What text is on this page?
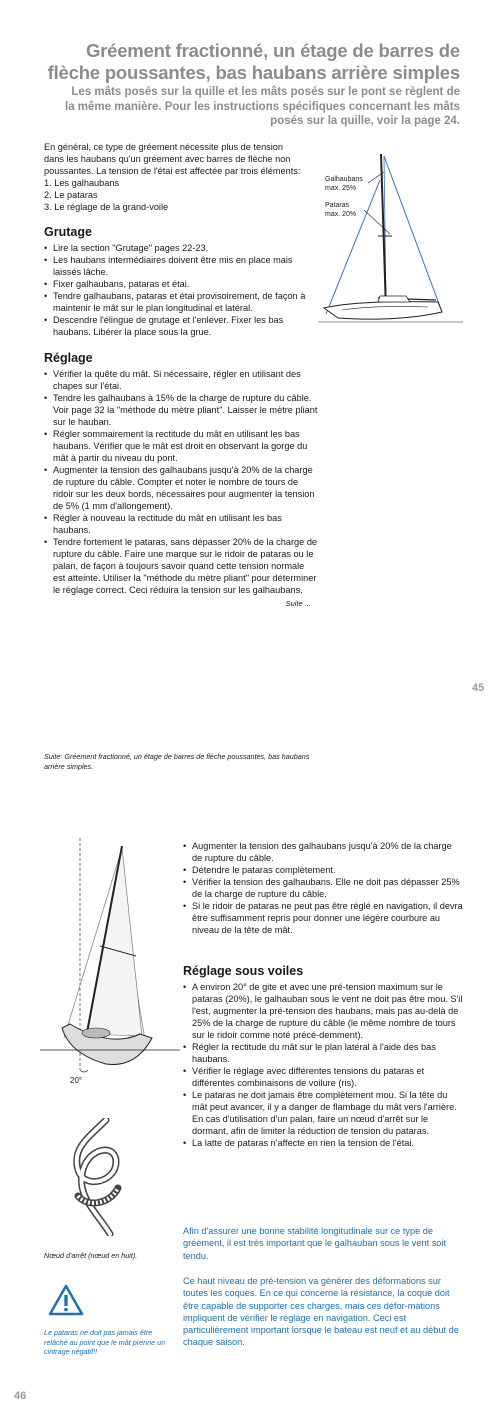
Gréement fractionné, un étage de barres de flèche poussantes, bas haubans arrière simples
Les mâts posés sur la quille et les mâts posés sur le pont se règlent de la même manière. Pour les instructions spécifiques concernant les mâts posés sur la quille, voir la page 24.
En général, ce type de gréement nécessite plus de tension
dans les haubans qu'un gréement avec barres de flèche non
poussantes. La tension de l'étai est affectée par trois éléments:
1. Les galhaubans
2. Le pataras
3. Le réglage de la grand-voile
Galhaubans
max. 25%
Pataras
max. 20%
Grutage
• Lire la section "Grutage" pages 22-23.
• Les haubans intermédiaires doivent être mis en place mais laissés lâche.
• Fixer galhaubans, pataras et étai.
• Tendre galhaubans, pataras et étai provisoirement, de façon à maintenir le mât sur le plan longitudinal et latéral.
• Descendre l'élingue de grutage et l'enlever. Fixer les bas haubans. Libérer la place sous la grue.
Réglage
• Vérifier la quête du mât. Si nécessaire, régler en utilisant des chapes sur l'étai.
• Tendre les galhaubans à 15% de la charge de rupture du câble. Voir page 32 la "méthode du mètre pliant". Laisser le mètre pliant sur le hauban.
• Régler sommairement la rectitude du mât en utilisant les bas haubans. Vérifier que le mât est droit en observant la gorge du mât à partir du niveau du pont.
• Augmenter la tension des galhaubans jusqu'à 20% de la charge de rupture du câble. Compter et noter le nombre de tours de ridoir sur les deux bords, nécessaires pour augmenter la tension de 5% (1 mm d'allongement).
• Régler à nouveau la rectitude du mât en utilisant les bas haubans.
• Tendre fortement le pataras, sans dépasser 20% de la charge de rupture du câble. Faire une marque sur le ridoir de pataras ou le palan, de façon à toujours savoir quand cette tension normale est atteinte. Utiliser la "méthode du mètre pliant" pour déterminer le réglage correct. Ceci réduira la tension sur les galhaubans.
Suite ...
45
Suite: Gréement fractionné, un étage de barres de flèche poussantes, bas haubans arrière simples.
20°
• Augmenter la tension des galhaubans jusqu'à 20% de la charge de rupture du câble.
• Détendre le pataras complètement.
• Vérifier la tension des galhaubans. Elle ne doit pas dépasser 25% de la charge de rupture du câble.
• Si le ridoir de pataras ne peut pas être réglé en navigation, il devra être suffisamment repris pour donner une légère courbure au niveau de la tête de mât.
Réglage sous voiles
• A environ 20° de gite et avec une pré-tension maximum sur le pataras (20%), le galhauban sous le vent ne doit pas être mou. S'il l'est, augmenter la pré-tension des haubans, mais pas au-delà de 25% de la charge de rupture du câble (le même nombre de tours sur le ridoir comme noté précé-demment).
• Régler la rectitude du mât sur le plan latéral à l'aide des bas haubans.
• Vérifier le réglage avec différentes tensions du pataras et différentes combinaisons de voilure (ris).
• Le pataras ne doit jamais être complètement mou. Si la tête du mât peut avancer, il y a danger de flambage du mât vers l'arrière. En cas d'utilisation d'un palan, faire un nœud d'arrêt sur le dormant, afin de limiter la réduction de tension du pataras.
• La latte de pataras n'affecte en rien la tension de l'étai.
Nœud d'arrêt (nœud en huit).
Le pataras ne doit pas jamais être relâché au point que le mât prenne un cintrage négatif!!
Afin d'assurer une bonne stabilité longitudinale sur ce type de gréement, il est très important que le galhauban sous le vent soit tendu.
Ce haut niveau de pré-tension va générer des déformations sur toutes les coques. En ce qui concerne la résistance, la coque doit être capable de supporter ces charges, mais ces défor-mations impliquent de vérifier le réglage en navigation. Ceci est particulièrement important lorsque le bateau est neuf et au début de chaque saison.
46
